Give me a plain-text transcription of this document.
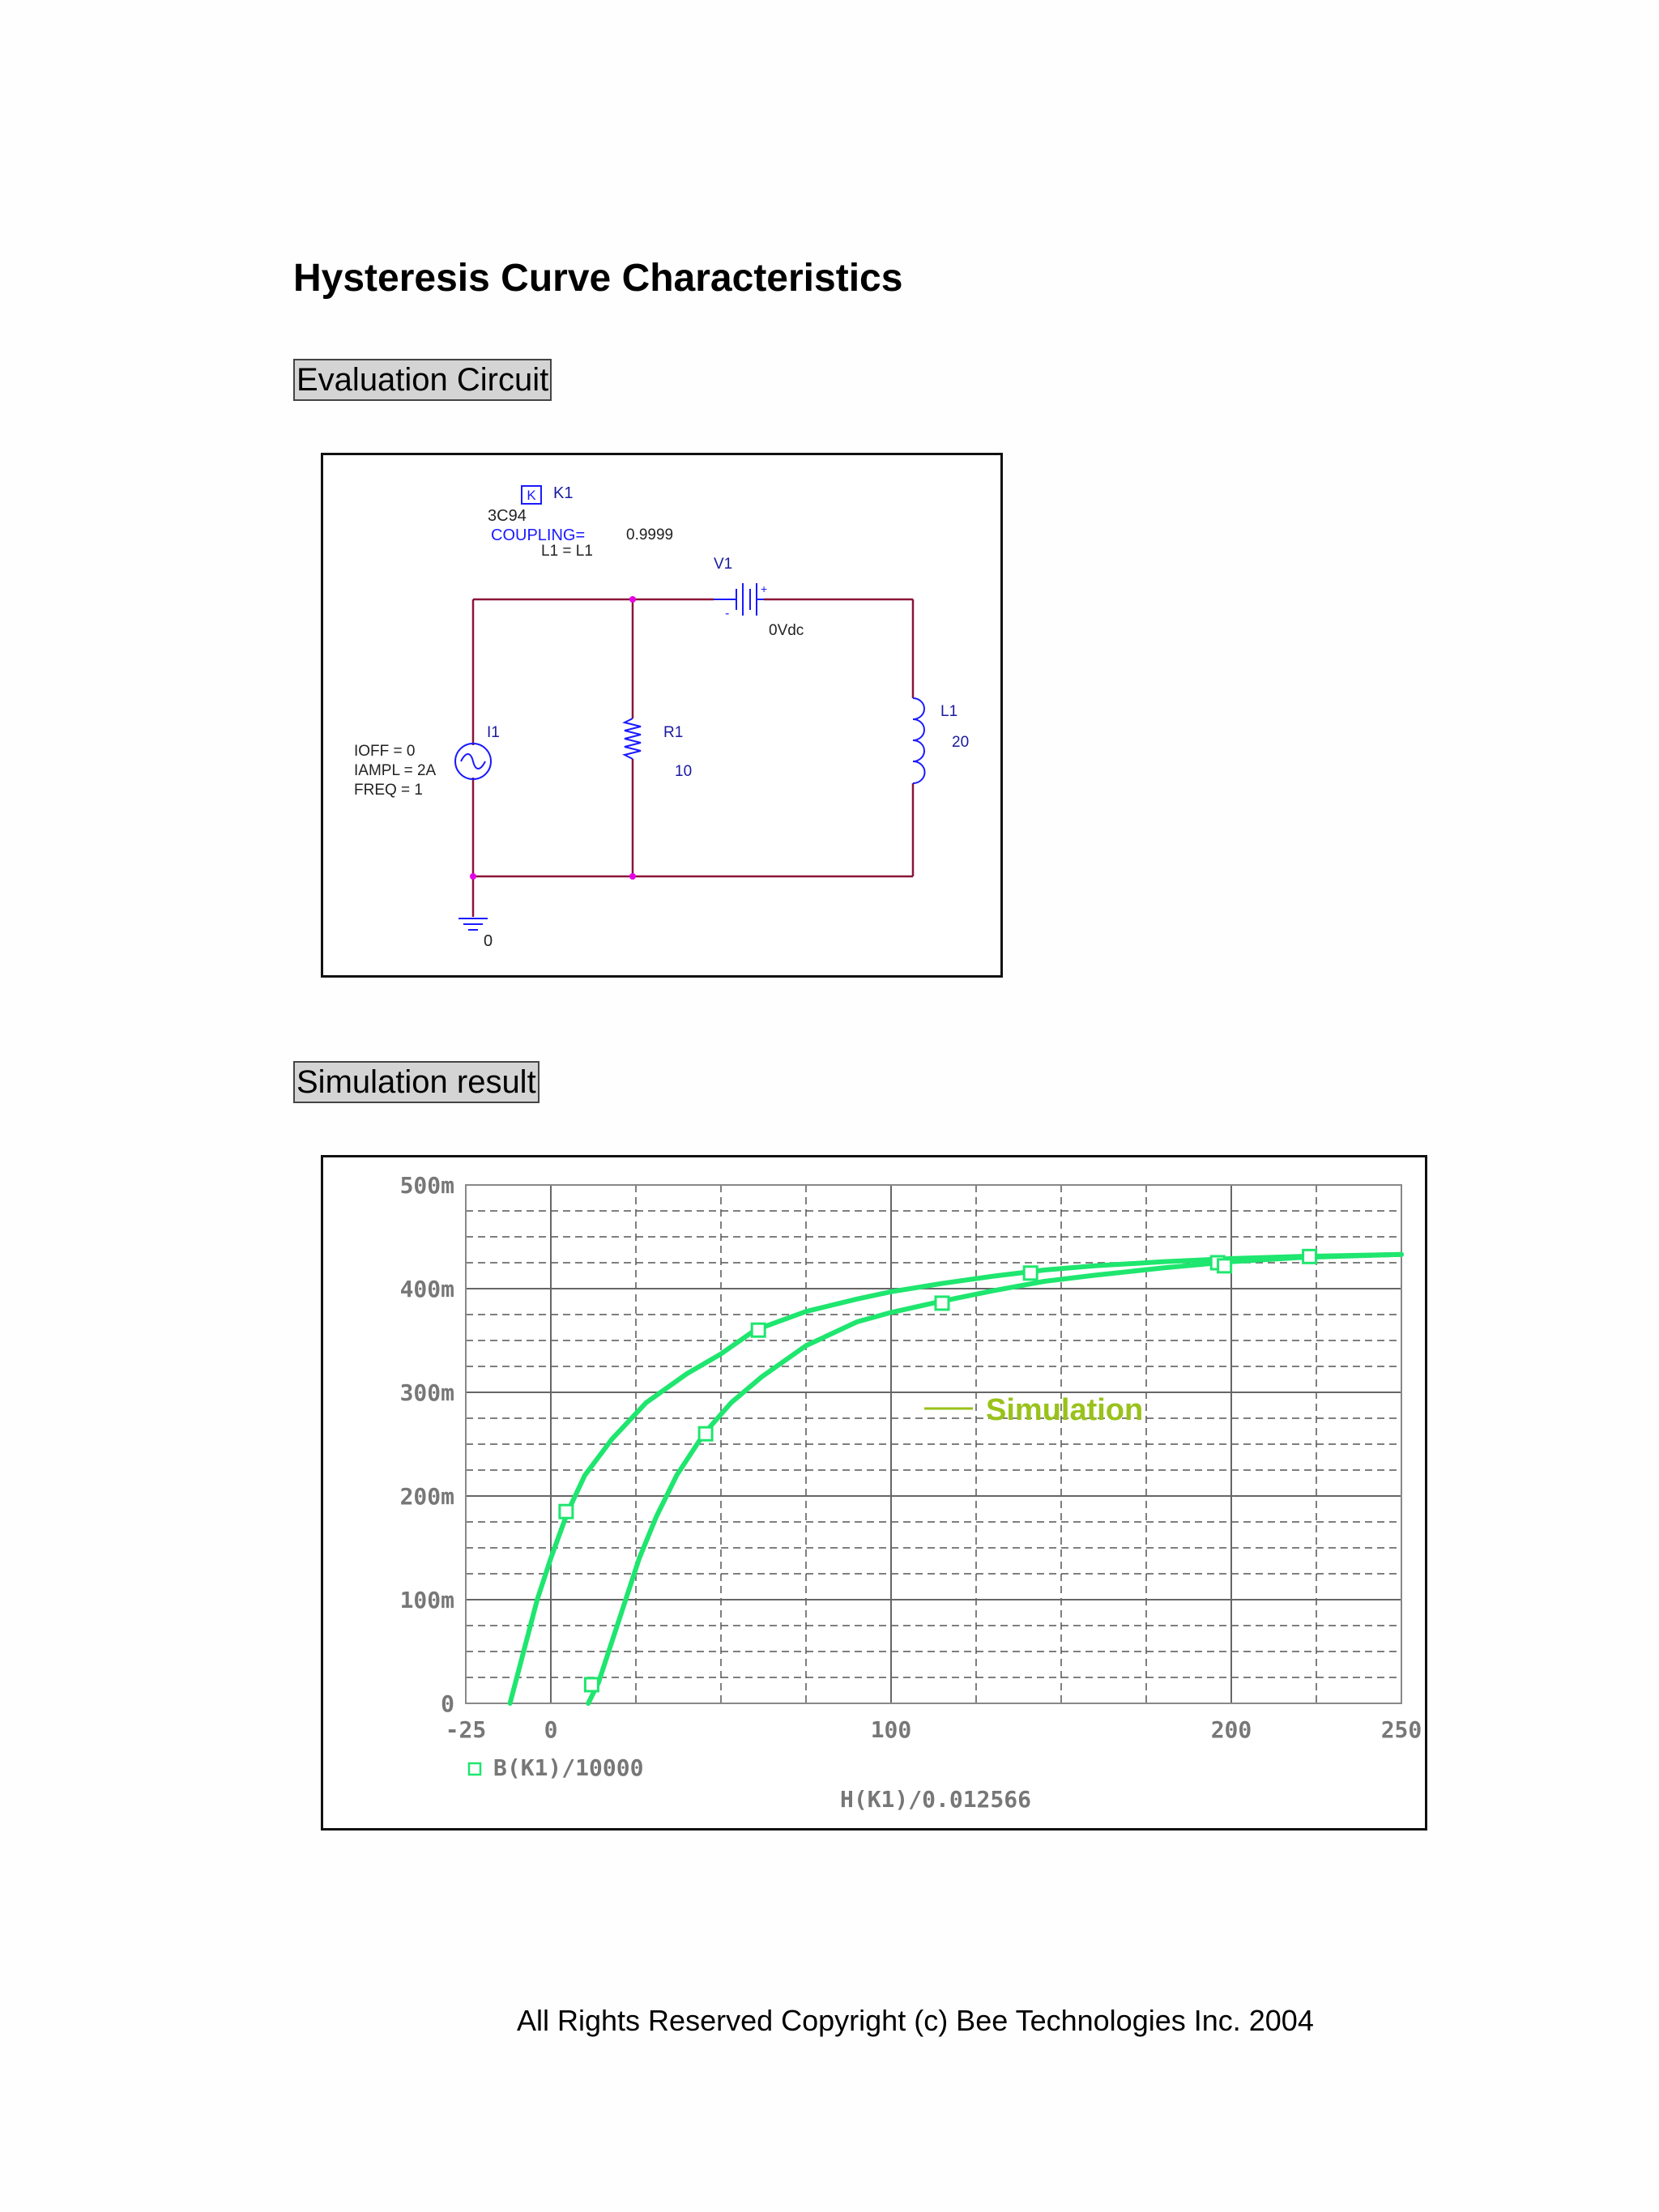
Hysteresis Curve Characteristics
Evaluation Circuit
K K1
3C94
COUPLING=	0.9999
L1 = L1
-
+
V1
0Vdc
I1
IOFF = 0
IAMPL = 2A
FREQ = 1
R1
10
L1
20
0
Simulation result
0
100m
200m
300m
400m
500m
-25	0	100	200	250
B(K1)/10000
H(K1)/0.012566
Simulation

All Rights Reserved Copyright (c) Bee Technologies Inc. 2004
